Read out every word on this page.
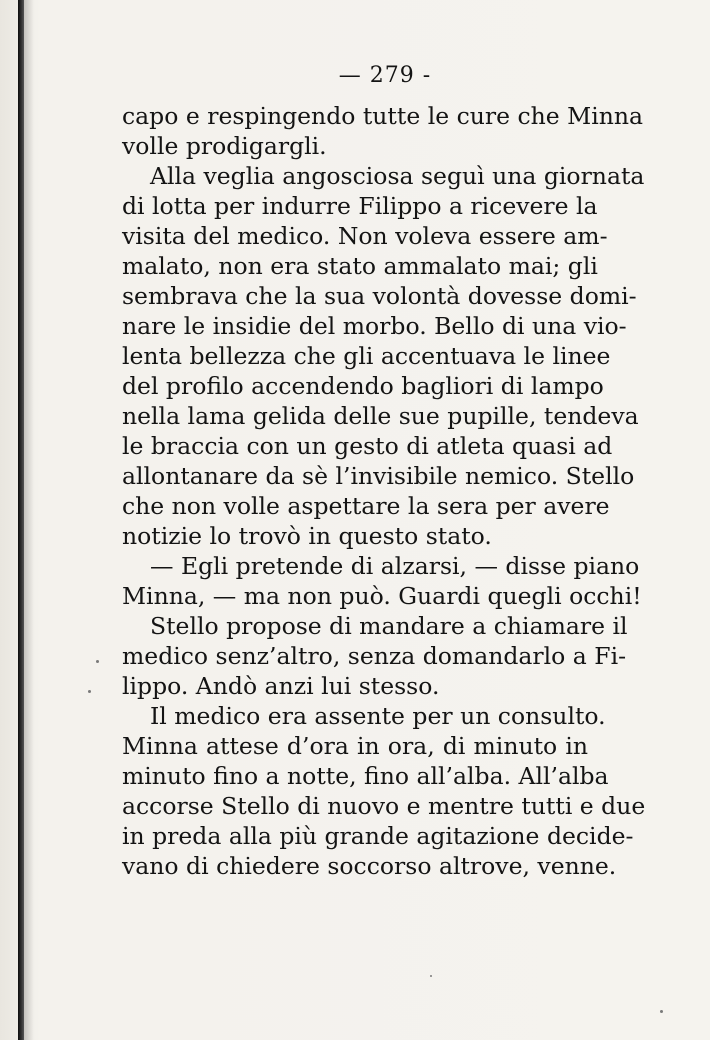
— 279 -
capo e respingendo tutte le cure che Minna
volle prodigargli.
Alla veglia angosciosa seguì una giornata
di lotta per indurre Filippo a ricevere la
visita del medico. Non voleva essere am-
malato, non era stato ammalato mai; gli
sembrava che la sua volontà dovesse domi-
nare le insidie del morbo. Bello di una vio-
lenta bellezza che gli accentuava le linee
del profilo accendendo bagliori di lampo
nella lama gelida delle sue pupille, tendeva
le braccia con un gesto di atleta quasi ad
allontanare da sè l’invisibile nemico. Stello
che non volle aspettare la sera per avere
notizie lo trovò in questo stato.
— Egli pretende di alzarsi, — disse piano
Minna, — ma non può. Guardi quegli occhi!
Stello propose di mandare a chiamare il
medico senz’altro, senza domandarlo a Fi-
lippo. Andò anzi lui stesso.
Il medico era assente per un consulto.
Minna attese d’ora in ora, di minuto in
minuto fino a notte, fino all’alba. All’alba
accorse Stello di nuovo e mentre tutti e due
in preda alla più grande agitazione decide-
vano di chiedere soccorso altrove, venne.
